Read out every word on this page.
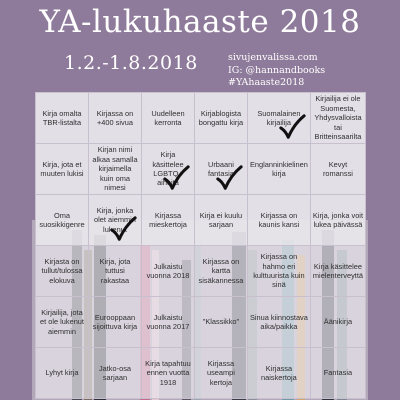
YA-lukuhaaste 2018
1.2.-1.8.2018	sivujenvalissa.com
IG: @hannandbooks
#YAhaaste2018
Kirja omalta TBR-listalta
Kirjassa on +400 sivua
Uudelleen kerronta
Kirjablogista bongattu kirja
Suomalainen kirjailija
Kirjailija ei ole Suomesta, Yhdysvalloista tai Britteinsaarilta
Kirja, jota et muuten lukisi
Kirjan nimi alkaa samalla kirjaimella kuin oma nimesi
Kirja käsittelee LGBTQ+ aiheita
Urbaani fantasia
Englanninkielinen kirja
Kevyt romanssi
Oma suosikkigenre
Kirja, jonka olet aiemmin lukenut
Kirjassa mieskertoja
Kirja ei kuulu sarjaan
Kirjassa on kaunis kansi
Kirja, jonka voit lukea päivässä
Kirjasta on tullut/tulossa elokuva
Kirja, jota tuttusi rakastaa
Julkaistu vuonna 2018
Kirjassa on kartta sisäkannessa
Kirjassa on hahmo eri kulttuurista kuin sinä
Kirja käsittelee mielenterveyttä
Kirjailija, jota et ole lukenut aiemmin
Eurooppaan sijoittuva kirja
Julkaistu vuonna 2017
"Klassikko"
Sinua kiinnostava aika/paikka
Äänikirja
Lyhyt kirja
Jatko-osa sarjaan
Kirja tapahtuu ennen vuotta 1918
Kirjassa useampi kertoja
Kirjassa naiskertoja
Fantasia
